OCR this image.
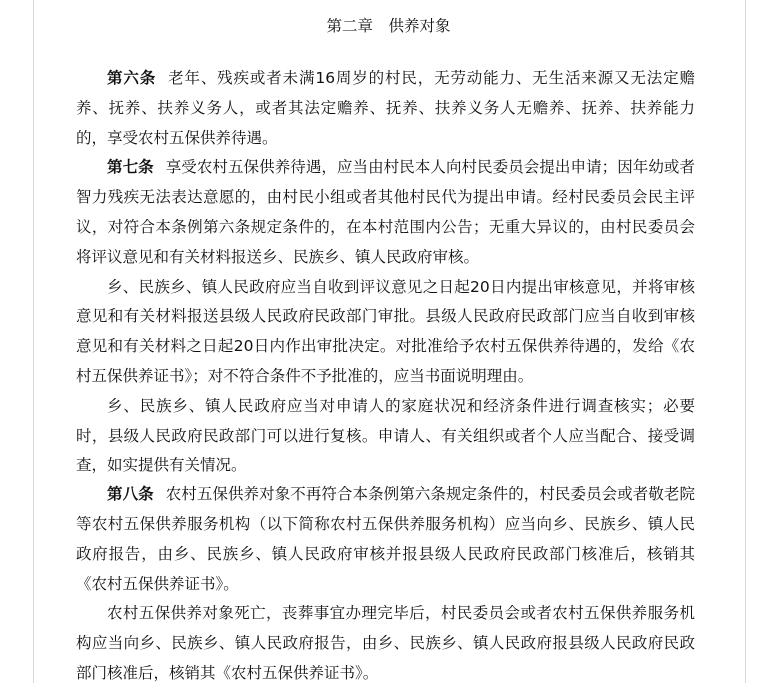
第二章　供养对象

第六条 老年、残疾或者未满16周岁的村民，无劳动能力、无生活来源又无法定赡养、抚养、扶养义务人，或者其法定赡养、抚养、扶养义务人无赡养、抚养、扶养能力的，享受农村五保供养待遇。

第七条 享受农村五保供养待遇，应当由村民本人向村民委员会提出申请；因年幼或者智力残疾无法表达意愿的，由村民小组或者其他村民代为提出申请。经村民委员会民主评议，对符合本条例第六条规定条件的，在本村范围内公告；无重大异议的，由村民委员会将评议意见和有关材料报送乡、民族乡、镇人民政府审核。

乡、民族乡、镇人民政府应当自收到评议意见之日起20日内提出审核意见，并将审核意见和有关材料报送县级人民政府民政部门审批。县级人民政府民政部门应当自收到审核意见和有关材料之日起20日内作出审批决定。对批准给予农村五保供养待遇的，发给《农村五保供养证书》；对不符合条件不予批准的，应当书面说明理由。

乡、民族乡、镇人民政府应当对申请人的家庭状况和经济条件进行调查核实；必要时，县级人民政府民政部门可以进行复核。申请人、有关组织或者个人应当配合、接受调查，如实提供有关情况。

第八条 农村五保供养对象不再符合本条例第六条规定条件的，村民委员会或者敬老院等农村五保供养服务机构（以下简称农村五保供养服务机构）应当向乡、民族乡、镇人民政府报告，由乡、民族乡、镇人民政府审核并报县级人民政府民政部门核准后，核销其《农村五保供养证书》。

农村五保供养对象死亡，丧葬事宜办理完毕后，村民委员会或者农村五保供养服务机构应当向乡、民族乡、镇人民政府报告，由乡、民族乡、镇人民政府报县级人民政府民政部门核准后，核销其《农村五保供养证书》。
